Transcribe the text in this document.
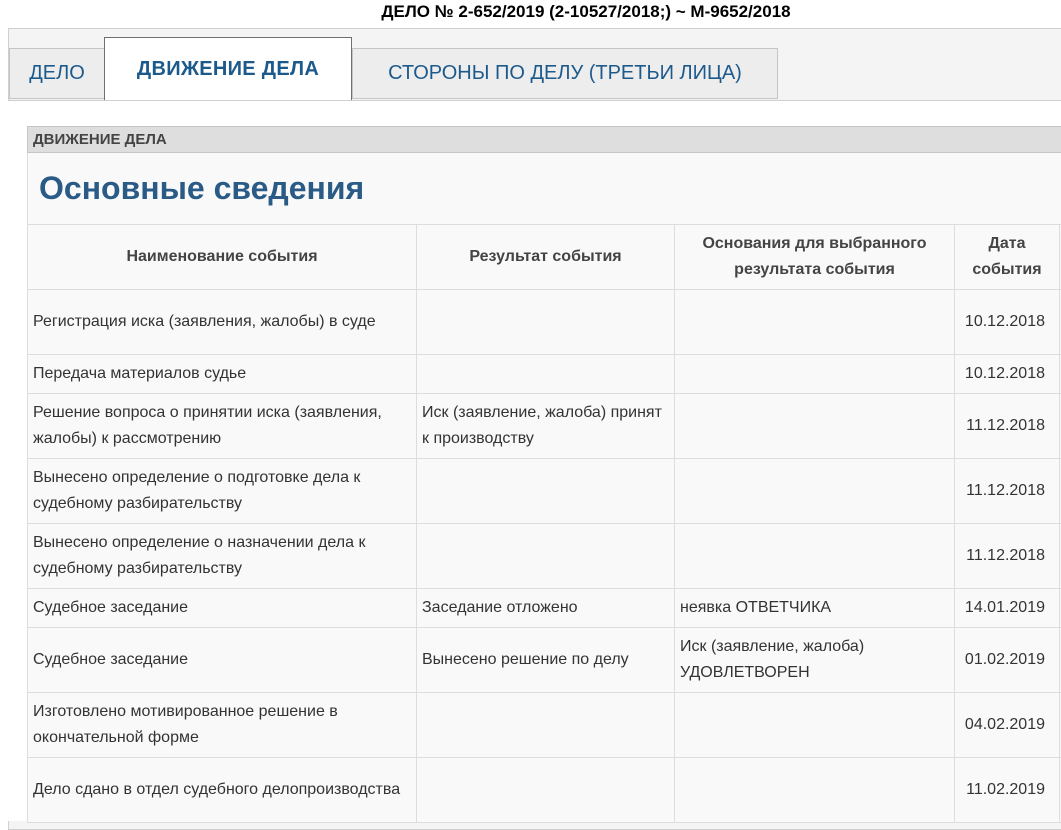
ДЕЛО № 2-652/2019 (2-10527/2018;) ~ М-9652/2018
ДЕЛО	ДВИЖЕНИЕ ДЕЛА	СТОРОНЫ ПО ДЕЛУ (ТРЕТЬИ ЛИЦА)
ДВИЖЕНИЕ ДЕЛА
Основные сведения
Наименование события	Результат события	Основания для выбранного результата события	Дата события	
Регистрация иска (заявления, жалобы) в суде			10.12.2018	
Передача материалов судье			10.12.2018	
Решение вопроса о принятии иска (заявления, жалобы) к рассмотрению	Иск (заявление, жалоба) принят к производству		11.12.2018	
Вынесено определение о подготовке дела к судебному разбирательству			11.12.2018	
Вынесено определение о назначении дела к судебному разбирательству			11.12.2018	
Судебное заседание	Заседание отложено	неявка ОТВЕТЧИКА	14.01.2019	
Судебное заседание	Вынесено решение по делу	Иск (заявление, жалоба) УДОВЛЕТВОРЕН	01.02.2019	
Изготовлено мотивированное решение в окончательной форме			04.02.2019	
Дело сдано в отдел судебного делопроизводства			11.02.2019	
